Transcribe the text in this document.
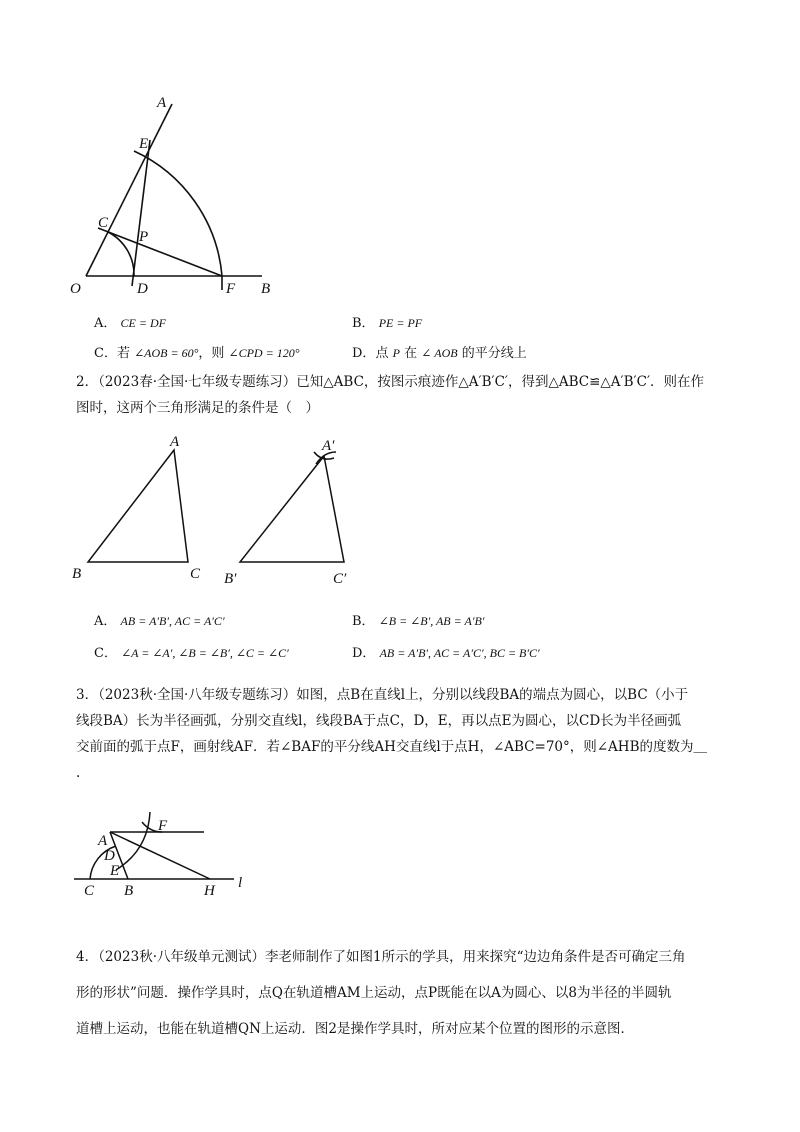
A
E
C
P
O	D	F B
A． CE = DF	B． PE = PF
C．若 ∠AOB = 60°，则 ∠CPD = 120°	D．点 P 在 ∠ AOB 的平分线上
2．（2023春·全国·七年级专题练习）已知△ABC，按图示痕迹作△A′B′C′，得到△ABC≌△A′B′C′．则在作
图时，这两个三角形满足的条件是（　）
A
B	C
A′
B′	C′
A． AB = A′B′, AC = A′C′	B． ∠B = ∠B′, AB = A′B′
C． ∠A = ∠A′, ∠B = ∠B′, ∠C = ∠C′	D． AB = A′B′, AC = A′C′, BC = B′C′
3．（2023秋·全国·八年级专题练习）如图，点B在直线l上，分别以线段BA的端点为圆心，以BC（小于
线段BA）长为半径画弧，分别交直线l，线段BA于点C，D，E，再以点E为圆心，以CD长为半径画弧
交前面的弧于点F，画射线AF．若∠BAF的平分线AH交直线l于点H，∠ABC=70°，则∠AHB的度数为＿
.
A
F
D
E
C B	H l
4．（2023秋·八年级单元测试）李老师制作了如图1所示的学具，用来探究“边边角条件是否可确定三角
形的形状”问题．操作学具时，点Q在轨道槽AM上运动，点P既能在以A为圆心、以8为半径的半圆轨
道槽上运动，也能在轨道槽QN上运动．图2是操作学具时，所对应某个位置的图形的示意图．
